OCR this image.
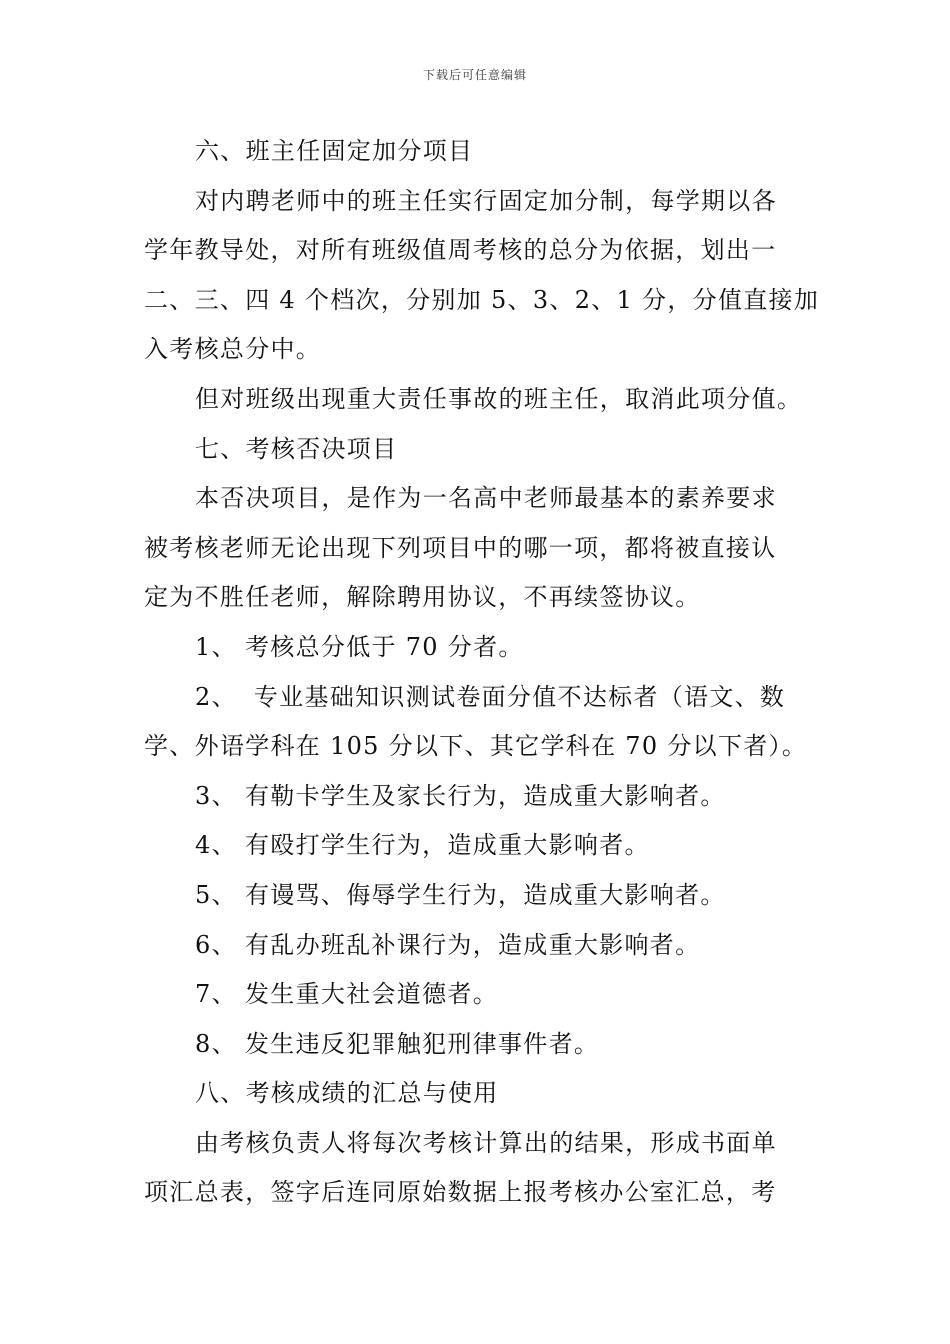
下载后可任意编辑
六、班主任固定加分项目
对内聘老师中的班主任实行固定加分制，每学期以各
学年教导处，对所有班级值周考核的总分为依据，划出一
二、三、四 4 个档次，分别加 5、3、2、1 分，分值直接加
入考核总分中。
但对班级出现重大责任事故的班主任，取消此项分值。
七、考核否决项目
本否决项目，是作为一名高中老师最基本的素养要求
被考核老师无论出现下列项目中的哪一项，都将被直接认
定为不胜任老师，解除聘用协议，不再续签协议。
1、 考核总分低于 70 分者。
2、 专业基础知识测试卷面分值不达标者（语文、数
学、外语学科在 105 分以下、其它学科在 70 分以下者）。
3、 有勒卡学生及家长行为，造成重大影响者。
4、 有殴打学生行为，造成重大影响者。
5、 有谩骂、侮辱学生行为，造成重大影响者。
6、 有乱办班乱补课行为，造成重大影响者。
7、 发生重大社会道德者。
8、 发生违反犯罪触犯刑律事件者。
八、考核成绩的汇总与使用
由考核负责人将每次考核计算出的结果，形成书面单
项汇总表，签字后连同原始数据上报考核办公室汇总，考
